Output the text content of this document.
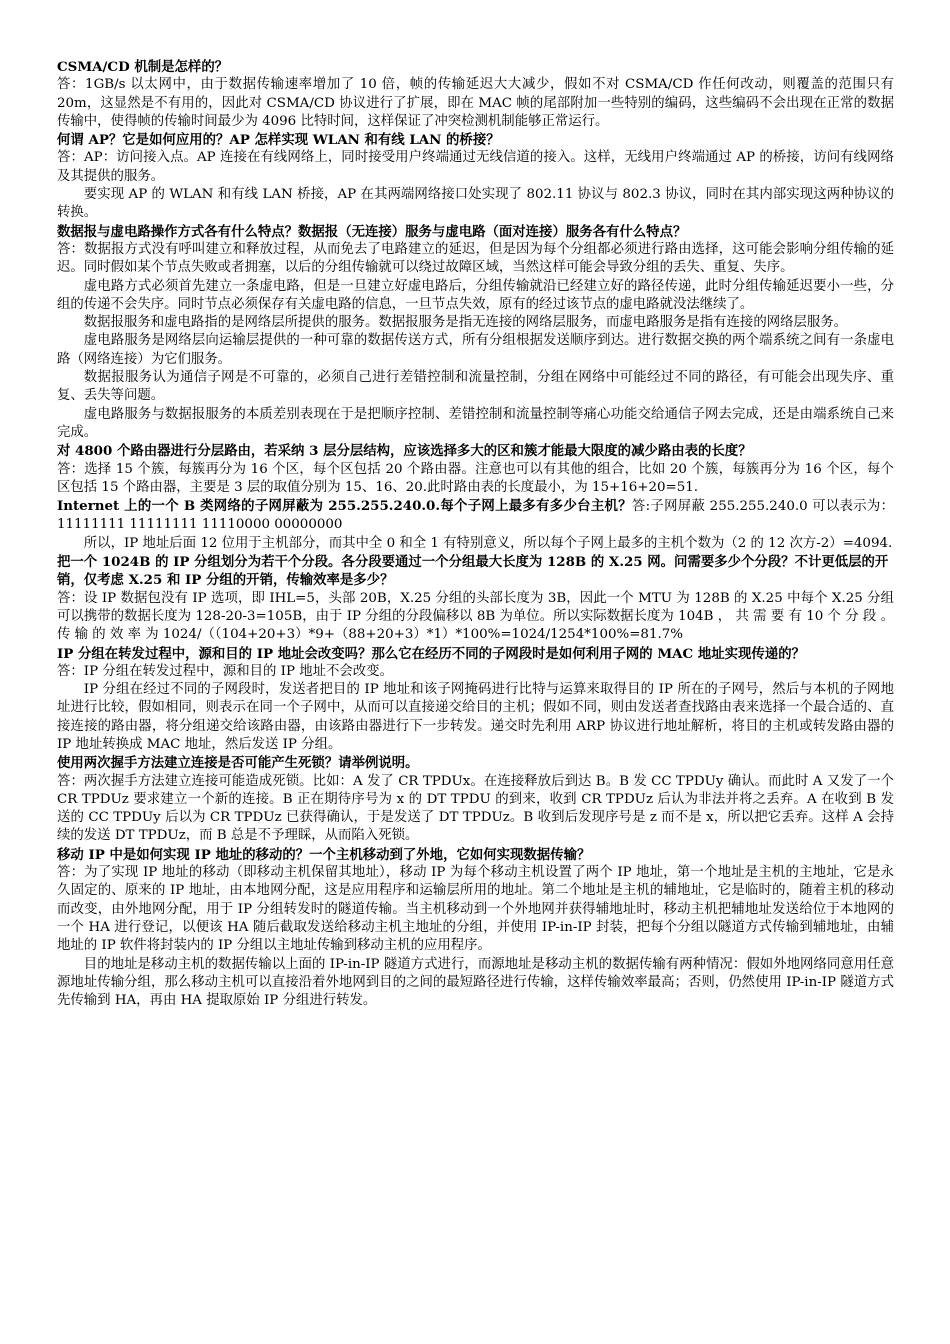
CSMA/CD 机制是怎样的？

答：1GB/s 以太网中，由于数据传输速率增加了 10 倍，帧的传输延迟大大减少，假如不对 CSMA/CD 作任何改动，则覆盖的范围只有 20m，这显然是不有用的，因此对 CSMA/CD 协议进行了扩展，即在 MAC 帧的尾部附加一些特别的编码，这些编码不会出现在正常的数据传输中，使得帧的传输时间最少为 4096 比特时间，这样保证了冲突检测机制能够正常运行。

何谓 AP？它是如何应用的？AP 怎样实现 WLAN 和有线 LAN 的桥接？

答：AP：访问接入点。AP 连接在有线网络上，同时接受用户终端通过无线信道的接入。这样，无线用户终端通过 AP 的桥接，访问有线网络及其提供的服务。

要实现 AP 的 WLAN 和有线 LAN 桥接，AP 在其两端网络接口处实现了 802.11 协议与 802.3 协议，同时在其内部实现这两种协议的转换。

数据报与虚电路操作方式各有什么特点？数据报（无连接）服务与虚电路（面对连接）服务各有什么特点？

答：数据报方式没有呼叫建立和释放过程，从而免去了电路建立的延迟，但是因为每个分组都必须进行路由选择，这可能会影响分组传输的延迟。同时假如某个节点失败或者拥塞，以后的分组传输就可以绕过故障区域，当然这样可能会导致分组的丢失、重复、失序。

虚电路方式必须首先建立一条虚电路，但是一旦建立好虚电路后，分组传输就沿已经建立好的路径传递，此时分组传输延迟要小一些，分组的传递不会失序。同时节点必须保存有关虚电路的信息，一旦节点失效，原有的经过该节点的虚电路就没法继续了。

数据报服务和虚电路指的是网络层所提供的服务。数据报服务是指无连接的网络层服务，而虚电路服务是指有连接的网络层服务。

虚电路服务是网络层向运输层提供的一种可靠的数据传送方式，所有分组根据发送顺序到达。进行数据交换的两个端系统之间有一条虚电路（网络连接）为它们服务。

数据报服务认为通信子网是不可靠的，必须自己进行差错控制和流量控制，分组在网络中可能经过不同的路径，有可能会出现失序、重复、丢失等问题。

虚电路服务与数据报服务的本质差别表现在于是把顺序控制、差错控制和流量控制等痛心功能交给通信子网去完成，还是由端系统自己来完成。

对 4800 个路由器进行分层路由，若采纳 3 层分层结构，应该选择多大的区和簇才能最大限度的减少路由表的长度？

答：选择 15 个簇，每簇再分为 16 个区，每个区包括 20 个路由器。注意也可以有其他的组合，比如 20 个簇，每簇再分为 16 个区，每个区包括 15 个路由器，主要是 3 层的取值分别为 15、16、20.此时路由表的长度最小，为 15+16+20=51.

Internet 上的一个 B 类网络的子网屏蔽为 255.255.240.0.每个子网上最多有多少台主机？答:子网屏蔽 255.255.240.0 可以表示为：11111111 11111111 11110000 00000000

所以，IP 地址后面 12 位用于主机部分，而其中全 0 和全 1 有特别意义，所以每个子网上最多的主机个数为（2 的 12 次方-2）=4094.

把一个 1024B 的 IP 分组划分为若干个分段。各分段要通过一个分组最大长度为 128B 的 X.25 网。问需要多少个分段？不计更低层的开销，仅考虑 X.25 和 IP 分组的开销，传输效率是多少？

答：设 IP 数据包没有 IP 选项，即 IHL=5，头部 20B，X.25 分组的头部长度为 3B，因此一个 MTU 为 128B 的 X.25 中每个 X.25 分组可以携带的数据长度为 128-20-3=105B，由于 IP 分组的分段偏移以 8B 为单位。所以实际数据长度为 104B ， 共 需 要 有 10 个 分 段 。 传 输 的 效 率 为 1024/（（104+20+3）*9+（88+20+3）*1）*100%=1024/1254*100%=81.7%

IP 分组在转发过程中，源和目的 IP 地址会改变吗？那么它在经历不同的子网段时是如何利用子网的 MAC 地址实现传递的？

答：IP 分组在转发过程中，源和目的 IP 地址不会改变。

IP 分组在经过不同的子网段时，发送者把目的 IP 地址和该子网掩码进行比特与运算来取得目的 IP 所在的子网号，然后与本机的子网地址进行比较，假如相同，则表示在同一个子网中，从而可以直接递交给目的主机；假如不同，则由发送者查找路由表来选择一个最合适的、直接连接的路由器，将分组递交给该路由器，由该路由器进行下一步转发。递交时先利用 ARP 协议进行地址解析，将目的主机或转发路由器的 IP 地址转换成 MAC 地址，然后发送 IP 分组。

使用两次握手方法建立连接是否可能产生死锁？请举例说明。

答：两次握手方法建立连接可能造成死锁。比如：A 发了 CR TPDUx。在连接释放后到达 B。B 发 CC TPDUy 确认。而此时 A 又发了一个 CR TPDUz 要求建立一个新的连接。B 正在期待序号为 x 的 DT TPDU 的到来，收到 CR TPDUz 后认为非法并将之丢弃。A 在收到 B 发送的 CC TPDUy 后以为 CR TPDUz 已获得确认，于是发送了 DT TPDUz。B 收到后发现序号是 z 而不是 x，所以把它丢弃。这样 A 会持续的发送 DT TPDUz，而 B 总是不予理睬，从而陷入死锁。

移动 IP 中是如何实现 IP 地址的移动的？一个主机移动到了外地，它如何实现数据传输？

答：为了实现 IP 地址的移动（即移动主机保留其地址），移动 IP 为每个移动主机设置了两个 IP 地址，第一个地址是主机的主地址，它是永久固定的、原来的 IP 地址，由本地网分配，这是应用程序和运输层所用的地址。第二个地址是主机的辅地址，它是临时的，随着主机的移动而改变，由外地网分配，用于 IP 分组转发时的隧道传输。当主机移动到一个外地网并获得辅地址时，移动主机把辅地址发送给位于本地网的一个 HA 进行登记，以便该 HA 随后截取发送给移动主机主地址的分组，并使用 IP-in-IP 封装，把每个分组以隧道方式传输到辅地址，由辅地址的 IP 软件将封装内的 IP 分组以主地址传输到移动主机的应用程序。

目的地址是移动主机的数据传输以上面的 IP-in-IP 隧道方式进行，而源地址是移动主机的数据传输有两种情况：假如外地网络同意用任意源地址传输分组，那么移动主机可以直接沿着外地网到目的之间的最短路径进行传输，这样传输效率最高；否则，仍然使用 IP-in-IP 隧道方式先传输到 HA，再由 HA 提取原始 IP 分组进行转发。
